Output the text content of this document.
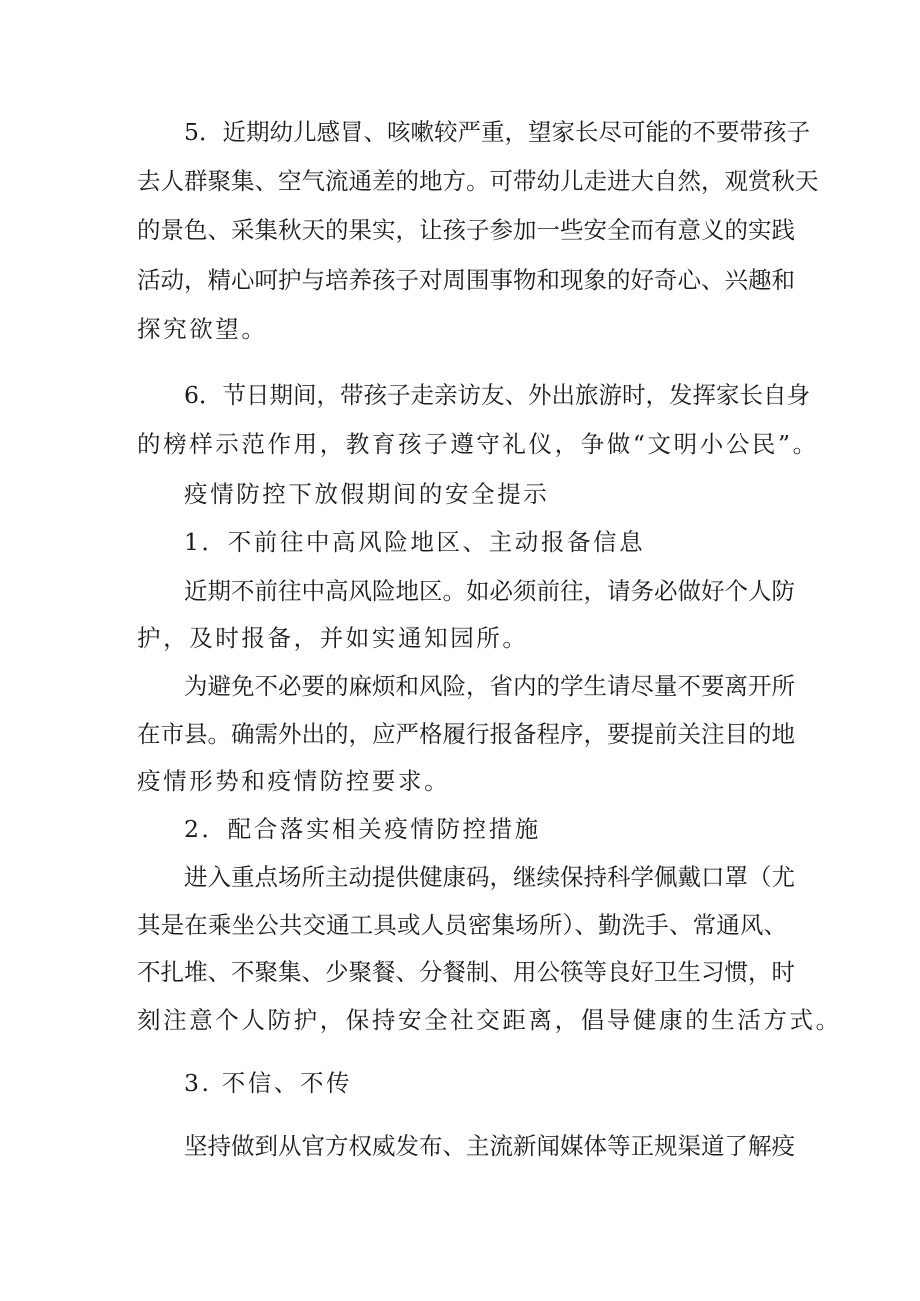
5．近期幼儿感冒、咳嗽较严重，望家长尽可能的不要带孩子

去人群聚集、空气流通差的地方。可带幼儿走进大自然，观赏秋天

的景色、采集秋天的果实，让孩子参加一些安全而有意义的实践

活动，精心呵护与培养孩子对周围事物和现象的好奇心、兴趣和

探究欲望。

6．节日期间，带孩子走亲访友、外出旅游时，发挥家长自身

的榜样示范作用，教育孩子遵守礼仪，争做“文明小公民”。

疫情防控下放假期间的安全提示

1．不前往中高风险地区、主动报备信息

近期不前往中高风险地区。如必须前往，请务必做好个人防

护，及时报备，并如实通知园所。

为避免不必要的麻烦和风险，省内的学生请尽量不要离开所

在市县。确需外出的，应严格履行报备程序，要提前关注目的地

疫情形势和疫情防控要求。

2．配合落实相关疫情防控措施

进入重点场所主动提供健康码，继续保持科学佩戴口罩（尤

其是在乘坐公共交通工具或人员密集场所）、勤洗手、常通风、

不扎堆、不聚集、少聚餐、分餐制、用公筷等良好卫生习惯，时

刻注意个人防护，保持安全社交距离，倡导健康的生活方式。

3. 不信、不传

坚持做到从官方权威发布、主流新闻媒体等正规渠道了解疫
